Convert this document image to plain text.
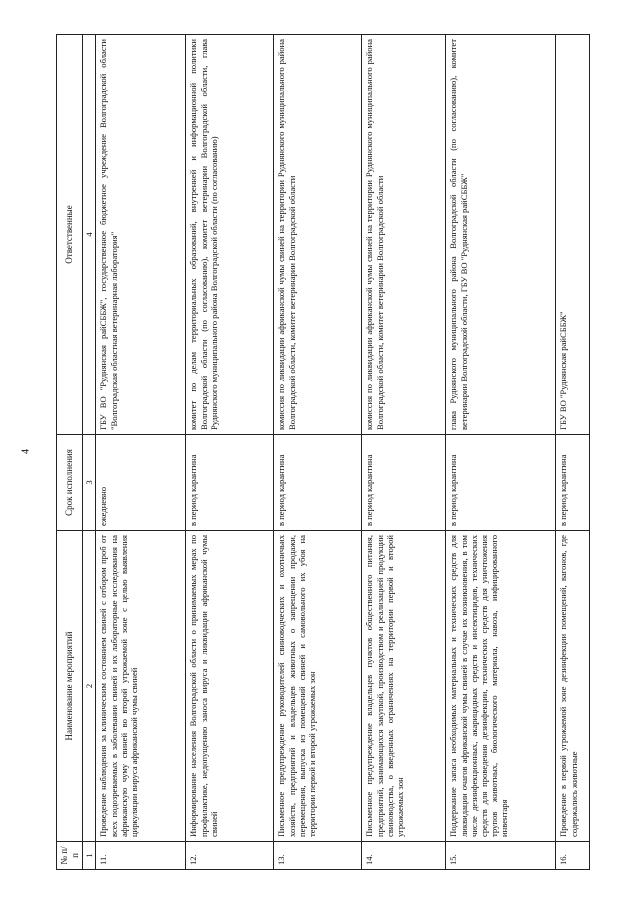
4
№ п/п	Наименование мероприятий	Срок исполнения	Ответственные
1	2	3	4
11.	Проведение наблюдения за клиническим состоянием свиней с отбором проб от всех подозреваемых в заболевании свиней и их лабораторные исследования на африканскую чуму свиней во второй угрожаемой зоне с целью выявления циркуляции вируса африканской чумы свиней	ежедневно	ГБУ ВО "Руднянская райСББЖ", государственное бюджетное учреждение Волгоградской области "Волгоградская областная ветеринарная лаборатория"
12.	Информирование населения Волгоградской области о принимаемых мерах по профилактике, недопущению заноса вируса и ликвидации африканской чумы свиней	в период карантина	комитет по делам территориальных образований, внутренней и информационной политики Волгоградской области (по согласованию), комитет ветеринарии Волгоградской области, глава Руднянского муниципального района Волгоградской области (по согласованию)
13.	Письменное предупреждение руководителей свиноводческих и охотничьих хозяйств, предприятий и владельцев животных о запрещении продажи, перемещения, выпуска из помещений свиней и самовольного их убоя на территории первой и второй угрожаемых зон	в период карантина	комиссия по ликвидации африканской чумы свиней на территории Руднянского муниципального района Волгоградской области, комитет ветеринарии Волгоградской области
14.	Письменное предупреждение владельцев пунктов общественного питания, предприятий, занимающихся закупкой, производством и реализацией продукции свиноводства, о введенных ограничениях на территории первой и второй угрожаемых зон	в период карантина	комиссия по ликвидации африканской чумы свиней на территории Руднянского муниципального района Волгоградской области, комитет ветеринарии Волгоградской области
15.	Поддержание запаса необходимых материальных и технических средств для ликвидации очагов африканской чумы свиней в случае их возникновения, в том числе дезинфекционных, акарицидных средств и инсектицидов, технических средств для проведения дезинфекции, технических средств для уничтожения трупов животных, биологического материала, навоза, инфицированного инвентаря	в период карантина	глава Руднянского муниципального района Волгоградской области (по согласованию), комитет ветеринарии Волгоградской области, ГБУ ВО "Руднянская райСББЖ"
16.	Проведение в первой угрожаемой зоне дезинфекции помещений, вагонов, где содержались животные	в период карантина	ГБУ ВО "Руднянская райСББЖ"
